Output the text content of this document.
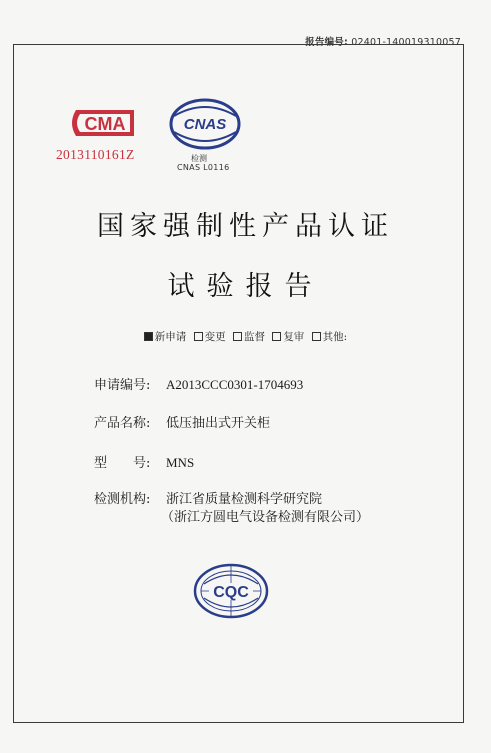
报告编号: 02401-140019310057
CMA
2013110161Z
CNAS
检测
CNAS L0116
国家强制性产品认证
试验报告
新申请 变更 监督 复审 其他:
申请编号: A2013CCC0301-1704693
产品名称: 低压抽出式开关柜
型　　号: MNS
检测机构: 浙江省质量检测科学研究院
（浙江方圆电气设备检测有限公司）
CQC
